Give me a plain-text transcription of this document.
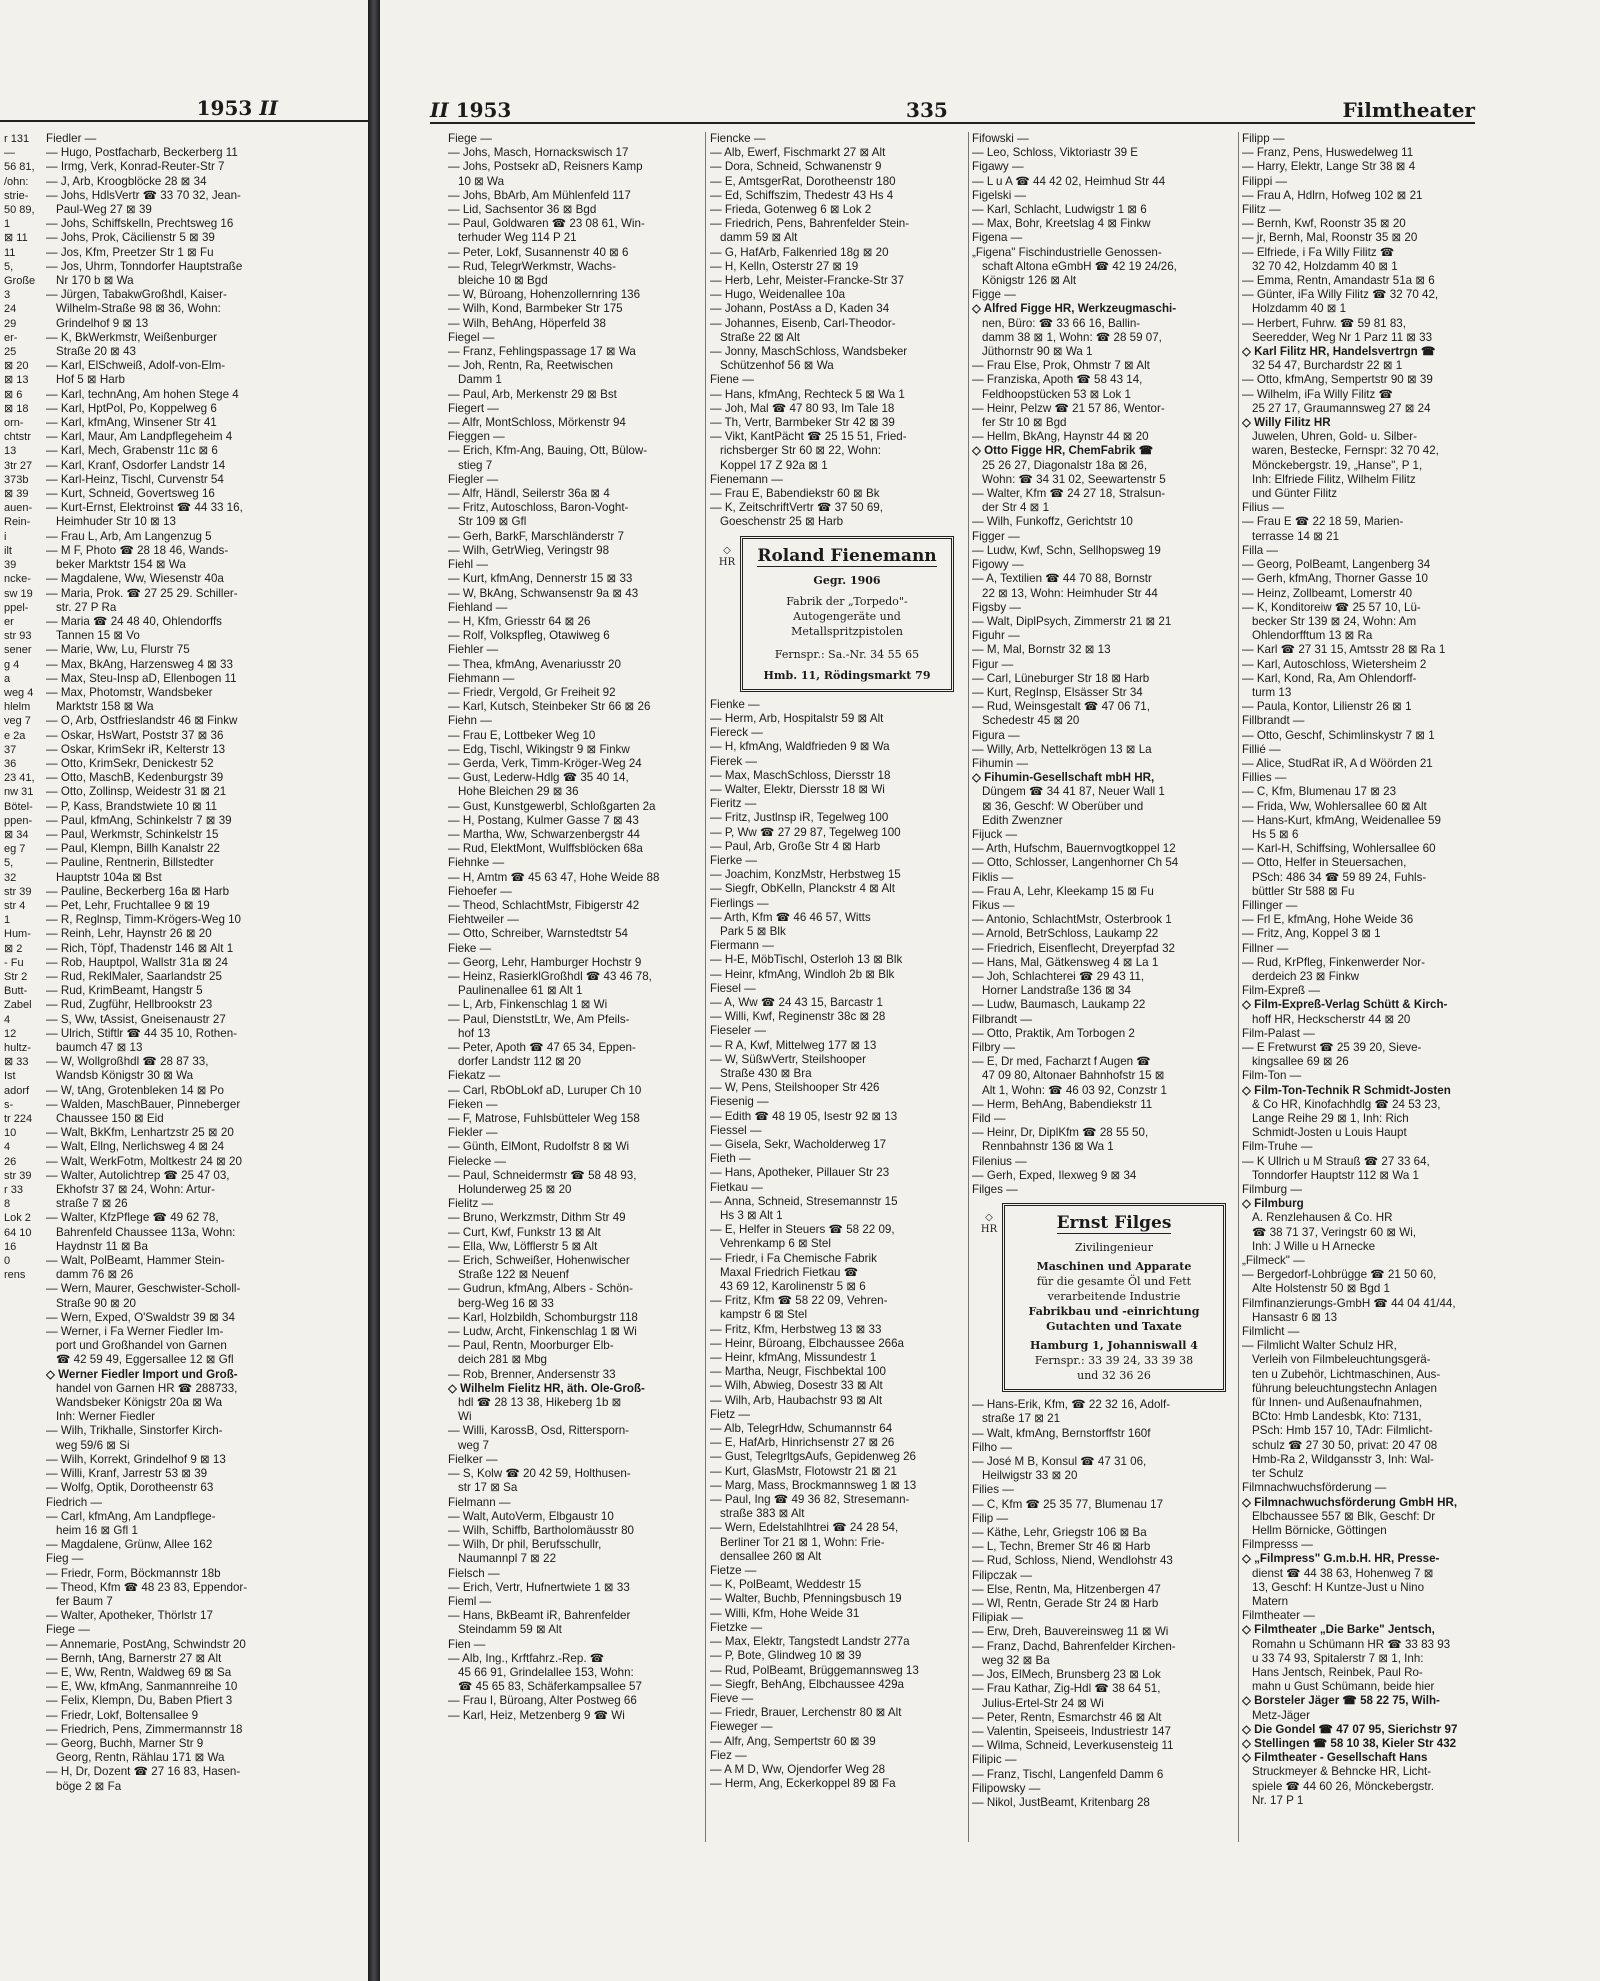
1953
II	II 1953	335	Filmtheater
r 131
—
56 81,
/ohn:
strie-
50 89,
1
⊠ 11
11
5,
Große
3
24
29
er-
25
⊠ 20
⊠ 13
⊠ 6
⊠ 18
orn-
chtstr
13
3tr 27
373b
⊠ 39
auen-
Rein-
i
ilt
39
ncke-
sw 19
ppel-
er
str 93
sener
g 4
a
weg 4
hlelm
veg 7
e 2a
37
36
23 41,
nw 31
Bötel-
ppen-
⊠ 34
eg 7
5,
32
str 39
str 4
1
Hum-
⊠ 2
- Fu
Str 2
Butt-
Zabel
4
12
hultz-
⊠ 33
Ist
adorf
s-
tr 224
10
4
26
str 39
r 33
8
Lok 2
64 10
16
0
rens
Fiedler —
— Hugo, Postfacharb, Beckerberg 11
— Irmg, Verk, Konrad-Reuter-Str 7
— J, Arb, Kroogblöcke 28 ⊠ 34
— Johs, HdlsVertr ☎ 33 70 32, Jean-
Paul-Weg 27 ⊠ 39
— Johs, Schiffskelln, Prechtsweg 16
— Johs, Prok, Cäcilienstr 5 ⊠ 39
— Jos, Kfm, Preetzer Str 1 ⊠ Fu
— Jos, Uhrm, Tonndorfer Hauptstraße
Nr 170 b ⊠ Wa
— Jürgen, TabakwGroßhdl, Kaiser-
Wilhelm-Straße 98 ⊠ 36, Wohn:
Grindelhof 9 ⊠ 13
— K, BkWerkmstr, Weißenburger
Straße 20 ⊠ 43
— Karl, ElSchweiß, Adolf-von-Elm-
Hof 5 ⊠ Harb
— Karl, technAng, Am hohen Stege 4
— Karl, HptPol, Po, Koppelweg 6
— Karl, kfmAng, Winsener Str 41
— Karl, Maur, Am Landpflegeheim 4
— Karl, Mech, Grabenstr 11c ⊠ 6
— Karl, Kranf, Osdorfer Landstr 14
— Karl-Heinz, Tischl, Curvenstr 54
— Kurt, Schneid, Govertsweg 16
— Kurt-Ernst, Elektroinst ☎ 44 33 16,
Heimhuder Str 10 ⊠ 13
— Frau L, Arb, Am Langenzug 5
— M F, Photo ☎ 28 18 46, Wands-
beker Marktstr 154 ⊠ Wa
— Magdalene, Ww, Wiesenstr 40a
— Maria, Prok. ☎ 27 25 29. Schiller-
str. 27 P Ra
— Maria ☎ 24 48 40, Ohlendorffs
Tannen 15 ⊠ Vo
— Marie, Ww, Lu, Flurstr 75
— Max, BkAng, Harzensweg 4 ⊠ 33
— Max, Steu-Insp aD, Ellenbogen 11
— Max, Photomstr, Wandsbeker
Marktstr 158 ⊠ Wa
— O, Arb, Ostfrieslandstr 46 ⊠ Finkw
— Oskar, HsWart, Poststr 37 ⊠ 36
— Oskar, KrimSekr iR, Kelterstr 13
— Otto, KrimSekr, Denickestr 52
— Otto, MaschB, Kedenburgstr 39
— Otto, Zollinsp, Weidestr 31 ⊠ 21
— P, Kass, Brandstwiete 10 ⊠ 11
— Paul, kfmAng, Schinkelstr 7 ⊠ 39
— Paul, Werkmstr, Schinkelstr 15
— Paul, Klempn, Billh Kanalstr 22
— Pauline, Rentnerin, Billstedter
Hauptstr 104a ⊠ Bst
— Pauline, Beckerberg 16a ⊠ Harb
— Pet, Lehr, Fruchtallee 9 ⊠ 19
— R, Reglnsp, Timm-Krögers-Weg 10
— Reinh, Lehr, Haynstr 26 ⊠ 20
— Rich, Töpf, Thadenstr 146 ⊠ Alt 1
— Rob, Hauptpol, Wallstr 31a ⊠ 24
— Rud, ReklMaler, Saarlandstr 25
— Rud, KrimBeamt, Hangstr 5
— Rud, Zugführ, Hellbrookstr 23
— S, Ww, tAssist, Gneisenaustr 27
— Ulrich, Stiftlr ☎ 44 35 10, Rothen-
baumch 47 ⊠ 13
— W, Wollgroßhdl ☎ 28 87 33,
Wandsb Königstr 30 ⊠ Wa
— W, tAng, Grotenbleken 14 ⊠ Po
— Walden, MaschBauer, Pinneberger
Chaussee 150 ⊠ Eid
— Walt, BkKfm, Lenhartzstr 25 ⊠ 20
— Walt, Ellng, Nerlichsweg 4 ⊠ 24
— Walt, WerkFotm, Moltkestr 24 ⊠ 20
— Walter, Autolichtrep ☎ 25 47 03,
Ekhofstr 37 ⊠ 24, Wohn: Artur-
straße 7 ⊠ 26
— Walter, KfzPflege ☎ 49 62 78,
Bahrenfeld Chaussee 113a, Wohn:
Haydnstr 11 ⊠ Ba
— Walt, PolBeamt, Hammer Stein-
damm 76 ⊠ 26
— Wern, Maurer, Geschwister-Scholl-
Straße 90 ⊠ 20
— Wern, Exped, O'Swaldstr 39 ⊠ 34
— Werner, i Fa Werner Fiedler Im-
port und Großhandel von Garnen
☎ 42 59 49, Eggersallee 12 ⊠ Gfl
◇ Werner Fiedler Import und Groß-
handel von Garnen HR ☎ 288733,
Wandsbeker Königstr 20a ⊠ Wa
Inh: Werner Fiedler
— Wilh, Trikhalle, Sinstorfer Kirch-
weg 59/6 ⊠ Si
— Wilh, Korrekt, Grindelhof 9 ⊠ 13
— Willi, Kranf, Jarrestr 53 ⊠ 39
— Wolfg, Optik, Dorotheenstr 63
Fiedrich —
— Carl, kfmAng, Am Landpflege-
heim 16 ⊠ Gfl 1
— Magdalene, Grünw, Allee 162
Fieg —
— Friedr, Form, Böckmannstr 18b
— Theod, Kfm ☎ 48 23 83, Eppendor-
fer Baum 7
— Walter, Apotheker, Thörlstr 17
Fiege —
— Annemarie, PostAng, Schwindstr 20
— Bernh, tAng, Barnerstr 27 ⊠ Alt
— E, Ww, Rentn, Waldweg 69 ⊠ Sa
— E, Ww, kfmAng, Sanmannreihe 10
— Felix, Klempn, Du, Baben Pfiert 3
— Friedr, Lokf, Boltensallee 9
— Friedrich, Pens, Zimmermannstr 18
— Georg, Buchh, Marner Str 9
Georg, Rentn, Rählau 171 ⊠ Wa
— H, Dr, Dozent ☎ 27 16 83, Hasen-
böge 2 ⊠ Fa
Fiege —
— Johs, Masch, Hornackswisch 17
— Johs, Postsekr aD, Reisners Kamp
10 ⊠ Wa
— Johs, BbArb, Am Mühlenfeld 117
— Lid, Sachsentor 36 ⊠ Bgd
— Paul, Goldwaren ☎ 23 08 61, Win-
terhuder Weg 114 P 21
— Peter, Lokf, Susannenstr 40 ⊠ 6
— Rud, TelegrWerkmstr, Wachs-
bleiche 10 ⊠ Bgd
— W, Büroang, Hohenzollernring 136
— Wilh, Kond, Barmbeker Str 175
— Wilh, BehAng, Höperfeld 38
Fiegel —
— Franz, Fehlingspassage 17 ⊠ Wa
— Joh, Rentn, Ra, Reetwischen
Damm 1
— Paul, Arb, Merkenstr 29 ⊠ Bst
Fiegert —
— Alfr, MontSchloss, Mörkenstr 94
Fieggen —
— Erich, Kfm-Ang, Bauing, Ott, Bülow-
stieg 7
Fiegler —
— Alfr, Händl, Seilerstr 36a ⊠ 4
— Fritz, Autoschloss, Baron-Voght-
Str 109 ⊠ Gfl
— Gerh, BarkF, Marschländerstr 7
— Wilh, GetrWieg, Veringstr 98
Fiehl —
— Kurt, kfmAng, Dennerstr 15 ⊠ 33
— W, BkAng, Schwansenstr 9a ⊠ 43
Fiehland —
— H, Kfm, Griesstr 64 ⊠ 26
— Rolf, Volkspfleg, Otawiweg 6
Fiehler —
— Thea, kfmAng, Avenariusstr 20
Fiehmann —
— Friedr, Vergold, Gr Freiheit 92
— Karl, Kutsch, Steinbeker Str 66 ⊠ 26
Fiehn —
— Frau E, Lottbeker Weg 10
— Edg, Tischl, Wikingstr 9 ⊠ Finkw
— Gerda, Verk, Timm-Kröger-Weg 24
— Gust, Lederw-Hdlg ☎ 35 40 14,
Hohe Bleichen 29 ⊠ 36
— Gust, Kunstgewerbl, Schloßgarten 2a
— H, Postang, Kulmer Gasse 7 ⊠ 43
— Martha, Ww, Schwarzenbergstr 44
— Rud, ElektMont, Wulffsblöcken 68a
Fiehnke —
— H, Amtm ☎ 45 63 47, Hohe Weide 88
Fiehoefer —
— Theod, SchlachtMstr, Fibigerstr 42
Fiehtweiler —
— Otto, Schreiber, Warnstedtstr 54
Fieke —
— Georg, Lehr, Hamburger Hochstr 9
— Heinz, RasierklGroßhdl ☎ 43 46 78,
Paulinenallee 61 ⊠ Alt 1
— L, Arb, Finkenschlag 1 ⊠ Wi
— Paul, DienststLtr, We, Am Pfeils-
hof 13
— Peter, Apoth ☎ 47 65 34, Eppen-
dorfer Landstr 112 ⊠ 20
Fiekatz —
— Carl, RbObLokf aD, Luruper Ch 10
Fieken —
— F, Matrose, Fuhlsbütteler Weg 158
Fiekler —
— Günth, ElMont, Rudolfstr 8 ⊠ Wi
Fielecke —
— Paul, Schneidermstr ☎ 58 48 93,
Holunderweg 25 ⊠ 20
Fielitz —
— Bruno, Werkzmstr, Dithm Str 49
— Curt, Kwf, Funkstr 13 ⊠ Alt
— Ella, Ww, Löfflerstr 5 ⊠ Alt
— Erich, Schweißer, Hohenwischer
Straße 122 ⊠ Neuenf
— Gudrun, kfmAng, Albers - Schön-
berg-Weg 16 ⊠ 33
— Karl, Holzbildh, Schomburgstr 118
— Ludw, Archt, Finkenschlag 1 ⊠ Wi
— Paul, Rentn, Moorburger Elb-
deich 281 ⊠ Mbg
— Rob, Brenner, Andersenstr 33
◇ Wilhelm Fielitz HR, äth. Ole-Groß-
hdl ☎ 28 13 38, Hikeberg 1b ⊠
Wi
— Willi, KarossB, Osd, Rittersporn-
weg 7
Fielker —
— S, Kolw ☎ 20 42 59, Holthusen-
str 17 ⊠ Sa
Fielmann —
— Walt, AutoVerm, Elbgaustr 10
— Wilh, Schiffb, Bartholomäusstr 80
— Wilh, Dr phil, Berufsschullr,
Naumannpl 7 ⊠ 22
Fielsch —
— Erich, Vertr, Hufnertwiete 1 ⊠ 33
Fieml —
— Hans, BkBeamt iR, Bahrenfelder
Steindamm 59 ⊠ Alt
Fien —
— Alb, Ing., Krftfahrz.-Rep. ☎
45 66 91, Grindelallee 153, Wohn:
☎ 45 65 83, Schäferkampsallee 57
— Frau I, Büroang, Alter Postweg 66
— Karl, Heiz, Metzenberg 9 ☎ Wi
Fiencke —
— Alb, Ewerf, Fischmarkt 27 ⊠ Alt
— Dora, Schneid, Schwanenstr 9
— E, AmtsgerRat, Dorotheenstr 180
— Ed, Schiffszim, Thedestr 43 Hs 4
— Frieda, Gotenweg 6 ⊠ Lok 2
— Friedrich, Pens, Bahrenfelder Stein-
damm 59 ⊠ Alt
— G, HafArb, Falkenried 18g ⊠ 20
— H, Kelln, Osterstr 27 ⊠ 19
— Herb, Lehr, Meister-Francke-Str 37
— Hugo, Weidenallee 10a
— Johann, PostAss a D, Kaden 34
— Johannes, Eisenb, Carl-Theodor-
Straße 22 ⊠ Alt
— Jonny, MaschSchloss, Wandsbeker
Schützenhof 56 ⊠ Wa
Fiene —
— Hans, kfmAng, Rechteck 5 ⊠ Wa 1
— Joh, Mal ☎ 47 80 93, Im Tale 18
— Th, Vertr, Barmbeker Str 42 ⊠ 39
— Vikt, KantPächt ☎ 25 15 51, Fried-
richsberger Str 60 ⊠ 22, Wohn:
Koppel 17 Z 92a ⊠ 1
Fienemann —
— Frau E, Babendiekstr 60 ⊠ Bk
— K, ZeitschriftVertr ☎ 37 50 69,
Goeschenstr 25 ⊠ Harb
◇ HR Roland Fienemann
Gegr. 1906
Fabrik der „Torpedo"-
Autogengeräte und
Metallspritzpistolen
Fernspr.: Sa.-Nr. 34 55 65
Hmb. 11, Rödingsmarkt 79
Fienke —
— Herm, Arb, Hospitalstr 59 ⊠ Alt
Fiereck —
— H, kfmAng, Waldfrieden 9 ⊠ Wa
Fierek —
— Max, MaschSchloss, Diersstr 18
— Walter, Elektr, Diersstr 18 ⊠ Wi
Fieritz —
— Fritz, Justlnsp iR, Tegelweg 100
— P, Ww ☎ 27 29 87, Tegelweg 100
— Paul, Arb, Große Str 4 ⊠ Harb
Fierke —
— Joachim, KonzMstr, Herbstweg 15
— Siegfr, ObKelln, Planckstr 4 ⊠ Alt
Fierlings —
— Arth, Kfm ☎ 46 46 57, Witts
Park 5 ⊠ Blk
Fiermann —
— H-E, MöbTischl, Osterloh 13 ⊠ Blk
— Heinr, kfmAng, Windloh 2b ⊠ Blk
Fiesel —
— A, Ww ☎ 24 43 15, Barcastr 1
— Willi, Kwf, Reginenstr 38c ⊠ 28
Fieseler —
— R A, Kwf, Mittelweg 177 ⊠ 13
— W, SüßwVertr, Steilshooper
Straße 430 ⊠ Bra
— W, Pens, Steilshooper Str 426
Fiesenig —
— Edith ☎ 48 19 05, Isestr 92 ⊠ 13
Fiessel —
— Gisela, Sekr, Wacholderweg 17
Fieth —
— Hans, Apotheker, Pillauer Str 23
Fietkau —
— Anna, Schneid, Stresemannstr 15
Hs 3 ⊠ Alt 1
— E, Helfer in Steuers ☎ 58 22 09,
Vehrenkamp 6 ⊠ Stel
— Friedr, i Fa Chemische Fabrik
Maxal Friedrich Fietkau ☎
43 69 12, Karolinenstr 5 ⊠ 6
— Fritz, Kfm ☎ 58 22 09, Vehren-
kampstr 6 ⊠ Stel
— Fritz, Kfm, Herbstweg 13 ⊠ 33
— Heinr, Büroang, Elbchaussee 266a
— Heinr, kfmAng, Missundestr 1
— Martha, Neugr, Fischbektal 100
— Wilh, Abwieg, Dosestr 33 ⊠ Alt
— Wilh, Arb, Haubachstr 93 ⊠ Alt
Fietz —
— Alb, TelegrHdw, Schumannstr 64
— E, HafArb, Hinrichsenstr 27 ⊠ 26
— Gust, TelegrltgsAufs, Gepidenweg 26
— Kurt, GlasMstr, Flotowstr 21 ⊠ 21
— Marg, Mass, Brockmannsweg 1 ⊠ 13
— Paul, Ing ☎ 49 36 82, Stresemann-
straße 383 ⊠ Alt
— Wern, Edelstahlhtrei ☎ 24 28 54,
Berliner Tor 21 ⊠ 1, Wohn: Frie-
densallee 260 ⊠ Alt
Fietze —
— K, PolBeamt, Weddestr 15
— Walter, Buchb, Pfenningsbusch 19
— Willi, Kfm, Hohe Weide 31
Fietzke —
— Max, Elektr, Tangstedt Landstr 277a
— P, Bote, Glindweg 10 ⊠ 39
— Rud, PolBeamt, Brüggemannsweg 13
— Siegfr, BehAng, Elbchaussee 429a
Fieve —
— Friedr, Brauer, Lerchenstr 80 ⊠ Alt
Fieweger —
— Alfr, Ang, Sempertstr 60 ⊠ 39
Fiez —
— A M D, Ww, Ojendorfer Weg 28
— Herm, Ang, Eckerkoppel 89 ⊠ Fa
Fifowski —
— Leo, Schloss, Viktoriastr 39 E
Figawy —
— L u A ☎ 44 42 02, Heimhud Str 44
Figelski —
— Karl, Schlacht, Ludwigstr 1 ⊠ 6
— Max, Bohr, Kreetslag 4 ⊠ Finkw
Figena —
„Figena" Fischindustrielle Genossen-
schaft Altona eGmbH ☎ 42 19 24/26,
Königstr 126 ⊠ Alt
Figge —
◇ Alfred Figge HR, Werkzeugmaschi-
nen, Büro: ☎ 33 66 16, Ballin-
damm 38 ⊠ 1, Wohn: ☎ 28 59 07,
Jüthornstr 90 ⊠ Wa 1
— Frau Else, Prok, Ohmstr 7 ⊠ Alt
— Franziska, Apoth ☎ 58 43 14,
Feldhoopstücken 53 ⊠ Lok 1
— Heinr, Pelzw ☎ 21 57 86, Wentor-
fer Str 10 ⊠ Bgd
— Hellm, BkAng, Haynstr 44 ⊠ 20
◇ Otto Figge HR, ChemFabrik ☎
25 26 27, Diagonalstr 18a ⊠ 26,
Wohn: ☎ 34 31 02, Seewartenstr 5
— Walter, Kfm ☎ 24 27 18, Stralsun-
der Str 4 ⊠ 1
— Wilh, Funkoffz, Gerichtstr 10
Figger —
— Ludw, Kwf, Schn, Sellhopsweg 19
Figowy —
— A, Textilien ☎ 44 70 88, Bornstr
22 ⊠ 13, Wohn: Heimhuder Str 44
Figsby —
— Walt, DiplPsych, Zimmerstr 21 ⊠ 21
Figuhr —
— M, Mal, Bornstr 32 ⊠ 13
Figur —
— Carl, Lüneburger Str 18 ⊠ Harb
— Kurt, RegInsp, Elsässer Str 34
— Rud, Weinsgestalt ☎ 47 06 71,
Schedestr 45 ⊠ 20
Figura —
— Willy, Arb, Nettelkrögen 13 ⊠ La
Fihumin —
◇ Fihumin-Gesellschaft mbH HR,
Düngem ☎ 34 41 87, Neuer Wall 1
⊠ 36, Geschf: W Oberüber und
Edith Zwenzner
Fijuck —
— Arth, Hufschm, Bauernvogtkoppel 12
— Otto, Schlosser, Langenhorner Ch 54
Fiklis —
— Frau A, Lehr, Kleekamp 15 ⊠ Fu
Fikus —
— Antonio, SchlachtMstr, Osterbrook 1
— Arnold, BetrSchloss, Laukamp 22
— Friedrich, Eisenflecht, Dreyerpfad 32
— Hans, Mal, Gätkensweg 4 ⊠ La 1
— Joh, Schlachterei ☎ 29 43 11,
Horner Landstraße 136 ⊠ 34
— Ludw, Baumasch, Laukamp 22
Filbrandt —
— Otto, Praktik, Am Torbogen 2
Filbry —
— E, Dr med, Facharzt f Augen ☎
47 09 80, Altonaer Bahnhofstr 15 ⊠
Alt 1, Wohn: ☎ 46 03 92, Conzstr 1
— Herm, BehAng, Babendiekstr 11
Fild —
— Heinr, Dr, DiplKfm ☎ 28 55 50,
Rennbahnstr 136 ⊠ Wa 1
Filenius —
— Gerh, Exped, Ilexweg 9 ⊠ 34
Filges —
◇ HR Ernst Filges
Zivilingenieur
Maschinen und Apparate
für die gesamte Öl und Fett
verarbeitende Industrie
Fabrikbau und -einrichtung
Gutachten und Taxate
Hamburg 1, Johanniswall 4
Fernspr.: 33 39 24, 33 39 38
und 32 36 26
— Hans-Erik, Kfm, ☎ 22 32 16, Adolf-
straße 17 ⊠ 21
— Walt, kfmAng, Bernstorffstr 160f
Filho —
— José M B, Konsul ☎ 47 31 06,
Heilwigstr 33 ⊠ 20
Filies —
— C, Kfm ☎ 25 35 77, Blumenau 17
Filip —
— Käthe, Lehr, Griegstr 106 ⊠ Ba
— L, Techn, Bremer Str 46 ⊠ Harb
— Rud, Schloss, Niend, Wendlohstr 43
Filipczak —
— Else, Rentn, Ma, Hitzenbergen 47
— Wl, Rentn, Gerade Str 24 ⊠ Harb
Filipiak —
— Erw, Dreh, Bauvereinsweg 11 ⊠ Wi
— Franz, Dachd, Bahrenfelder Kirchen-
weg 32 ⊠ Ba
— Jos, ElMech, Brunsberg 23 ⊠ Lok
— Frau Kathar, Zig-Hdl ☎ 38 64 51,
Julius-Ertel-Str 24 ⊠ Wi
— Peter, Rentn, Esmarchstr 46 ⊠ Alt
— Valentin, Speiseeis, Industriestr 147
— Wilma, Schneid, Leverkusensteig 11
Filipic —
— Franz, Tischl, Langenfeld Damm 6
Filipowsky —
— Nikol, JustBeamt, Kritenbarg 28
Filipp —
— Franz, Pens, Huswedelweg 11
— Harry, Elektr, Lange Str 38 ⊠ 4
Filippi —
— Frau A, Hdlrn, Hofweg 102 ⊠ 21
Filitz —
— Bernh, Kwf, Roonstr 35 ⊠ 20
— jr, Bernh, Mal, Roonstr 35 ⊠ 20
— Elfriede, i Fa Willy Filitz ☎
32 70 42, Holzdamm 40 ⊠ 1
— Emma, Rentn, Amandastr 51a ⊠ 6
— Günter, iFa Willy Filitz ☎ 32 70 42,
Holzdamm 40 ⊠ 1
— Herbert, Fuhrw. ☎ 59 81 83,
Seeredder, Weg Nr 1 Parz 11 ⊠ 33
◇ Karl Filitz HR, Handelsvertrgn ☎
32 54 47, Burchardstr 22 ⊠ 1
— Otto, kfmAng, Sempertstr 90 ⊠ 39
— Wilhelm, iFa Willy Filitz ☎
25 27 17, Graumannsweg 27 ⊠ 24
◇ Willy Filitz HR
Juwelen, Uhren, Gold- u. Silber-
waren, Bestecke, Fernspr: 32 70 42,
Mönckebergstr. 19, „Hanse", P 1,
Inh: Elfriede Filitz, Wilhelm Filitz
und Günter Filitz
Filius —
— Frau E ☎ 22 18 59, Marien-
terrasse 14 ⊠ 21
Filla —
— Georg, PolBeamt, Langenberg 34
— Gerh, kfmAng, Thorner Gasse 10
— Heinz, Zollbeamt, Lomerstr 40
— K, Konditoreiw ☎ 25 57 10, Lü-
becker Str 139 ⊠ 24, Wohn: Am
Ohlendorfftum 13 ⊠ Ra
— Karl ☎ 27 31 15, Amtsstr 28 ⊠ Ra 1
— Karl, Autoschloss, Wietersheim 2
— Karl, Kond, Ra, Am Ohlendorff-
turm 13
— Paula, Kontor, Lilienstr 26 ⊠ 1
Fillbrandt —
— Otto, Geschf, Schimlinskystr 7 ⊠ 1
Fillié —
— Alice, StudRat iR, A d Wöörden 21
Fillies —
— C, Kfm, Blumenau 17 ⊠ 23
— Frida, Ww, Wohlersallee 60 ⊠ Alt
— Hans-Kurt, kfmAng, Weidenallee 59
Hs 5 ⊠ 6
— Karl-H, Schiffsing, Wohlersallee 60
— Otto, Helfer in Steuersachen,
PSch: 486 34 ☎ 59 89 24, Fuhls-
büttler Str 588 ⊠ Fu
Fillinger —
— Frl E, kfmAng, Hohe Weide 36
— Fritz, Ang, Koppel 3 ⊠ 1
Fillner —
— Rud, KrPfleg, Finkenwerder Nor-
derdeich 23 ⊠ Finkw
Film-Expreß —
◇ Film-Expreß-Verlag Schütt & Kirch-
hoff HR, Heckscherstr 44 ⊠ 20
Film-Palast —
— E Fretwurst ☎ 25 39 20, Sieve-
kingsallee 69 ⊠ 26
Film-Ton —
◇ Film-Ton-Technik R Schmidt-Josten
& Co HR, Kinofachhdlg ☎ 24 53 23,
Lange Reihe 29 ⊠ 1, Inh: Rich
Schmidt-Josten u Louis Haupt
Film-Truhe —
— K Ullrich u M Strauß ☎ 27 33 64,
Tonndorfer Hauptstr 112 ⊠ Wa 1
Filmburg —
◇ Filmburg
A. Renzlehausen & Co. HR
☎ 38 71 37, Veringstr 60 ⊠ Wi,
Inh: J Wille u H Arnecke
„Filmeck" —
— Bergedorf-Lohbrügge ☎ 21 50 60,
Alte Holstenstr 50 ⊠ Bgd 1
Filmfinanzierungs-GmbH ☎ 44 04 41/44,
Hansastr 6 ⊠ 13
Filmlicht —
— Filmlicht Walter Schulz HR,
Verleih von Filmbeleuchtungsgerä-
ten u Zubehör, Lichtmaschinen, Aus-
führung beleuchtungstechn Anlagen
für Innen- und Außenaufnahmen,
BCto: Hmb Landesbk, Kto: 7131,
PSch: Hmb 157 10, TAdr: Filmlicht-
schulz ☎ 27 30 50, privat: 20 47 08
Hmb-Ra 2, Wildgansstr 3, Inh: Wal-
ter Schulz
Filmnachwuchsförderung —
◇ Filmnachwuchsförderung GmbH HR,
Elbchaussee 557 ⊠ Blk, Geschf: Dr
Hellm Börnicke, Göttingen
Filmpresss —
◇ „Filmpress" G.m.b.H. HR, Presse-
dienst ☎ 44 38 63, Hohenweg 7 ⊠
13, Geschf: H Kuntze-Just u Nino
Matern
Filmtheater —
◇ Filmtheater „Die Barke" Jentsch,
Romahn u Schümann HR ☎ 33 83 93
u 33 74 93, Spitalerstr 7 ⊠ 1, Inh:
Hans Jentsch, Reinbek, Paul Ro-
mahn u Gust Schümann, beide hier
◇ Borsteler Jäger ☎ 58 22 75, Wilh-
Metz-Jäger
◇ Die Gondel ☎ 47 07 95, Sierichstr 97
◇ Stellingen ☎ 58 10 38, Kieler Str 432
◇ Filmtheater - Gesellschaft Hans
Struckmeyer & Behncke HR, Licht-
spiele ☎ 44 60 26, Mönckebergstr.
Nr. 17 P 1
